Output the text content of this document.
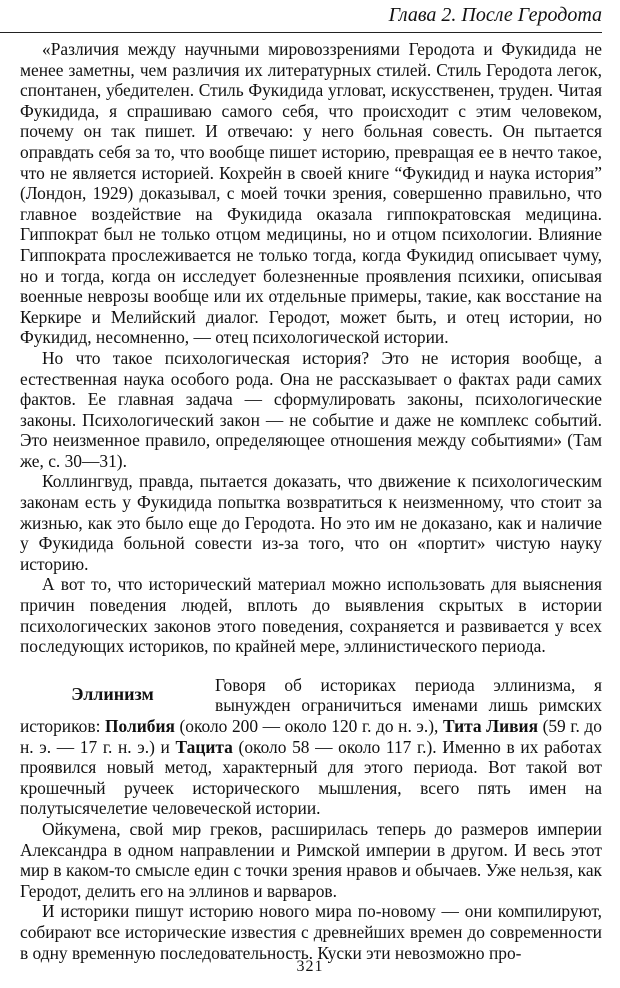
Глава 2. После Геродота

«Различия между научными мировоззрениями Геродота и Фукидида не менее заметны, чем различия их литературных стилей. Стиль Геродота легок, спонтанен, убедителен. Стиль Фукидида угловат, искусственен, труден. Читая Фукидида, я спрашиваю самого себя, что происходит с этим человеком, почему он так пишет. И отвечаю: у него больная совесть. Он пытается оправдать себя за то, что вообще пишет историю, превращая ее в нечто такое, что не является историей. Кохрейн в своей книге “Фукидид и наука история” (Лондон, 1929) доказывал, с моей точки зрения, совершенно правильно, что главное воздействие на Фукидида оказала гиппократовская медицина. Гиппократ был не только отцом медицины, но и отцом психологии. Влияние Гиппократа прослеживается не только тогда, когда Фукидид описывает чуму, но и тогда, когда он исследует болезненные проявления психики, описывая военные неврозы вообще или их отдельные примеры, такие, как восстание на Керкире и Мелийский диалог. Геродот, может быть, и отец истории, но Фукидид, несомненно, — отец психологической истории.

Но что такое психологическая история? Это не история вообще, а естественная наука особого рода. Она не рассказывает о фактах ради самих фактов. Ее главная задача — сформулировать законы, психологические законы. Психологический закон — не событие и даже не комплекс событий. Это неизменное правило, определяющее отношения между событиями» (Там же, с. 30—31).

Коллингвуд, правда, пытается доказать, что движение к психологическим законам есть у Фукидида попытка возвратиться к неизменному, что стоит за жизнью, как это было еще до Геродота. Но это им не доказано, как и наличие у Фукидида больной совести из-за того, что он «портит» чистую науку историю.

А вот то, что исторический материал можно использовать для выяснения причин поведения людей, вплоть до выявления скрытых в истории психологических законов этого поведения, сохраняется и развивается у всех последующих историков, по крайней мере, эллинистического периода.

Эллинизм	Говоря об историках периода эллинизма, я вынужден ограничиться именами лишь римских историков: Полибия (около 200 — около 120 г. до н. э.), Тита Ливия (59 г. до н. э. — 17 г. н. э.) и Тацита (около 58 — около 117 г.). Именно в их работах проявился новый метод, характерный для этого периода. Вот такой вот крошечный ручеек исторического мышления, всего пять имен на полутысячелетие человеческой истории.

Ойкумена, свой мир греков, расширилась теперь до размеров империи Александра в одном направлении и Римской империи в другом. И весь этот мир в каком-то смысле един с точки зрения нравов и обычаев. Уже нельзя, как Геродот, делить его на эллинов и варваров.

И историки пишут историю нового мира по-новому — они компилируют, собирают все исторические известия с древнейших времен до современности в одну временную последовательность. Куски эти невозможно про-

321
